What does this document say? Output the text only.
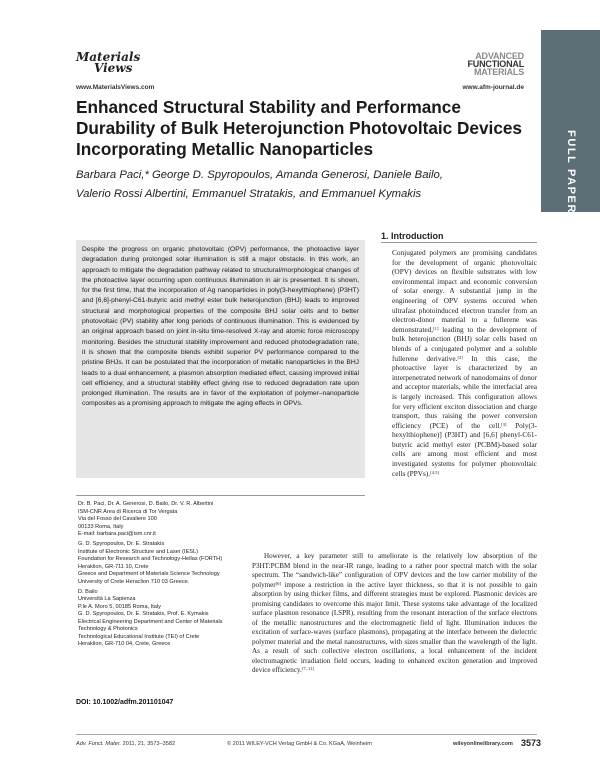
Materials
Views
www.MaterialsViews.com
ADVANCED
FUNCTIONAL
MATERIALS
www.afm-journal.de
FULL PAPER
Enhanced Structural Stability and Performance Durability of Bulk Heterojunction Photovoltaic Devices Incorporating Metallic Nanoparticles
Barbara Paci,* George D. Spyropoulos, Amanda Generosi, Daniele Bailo,
Valerio Rossi Albertini, Emmanuel Stratakis, and Emmanuel Kymakis
Despite the progress on organic photovoltaic (OPV) performance, the photoactive layer degradation during prolonged solar illumination is still a major obstacle. In this work, an approach to mitigate the degradation pathway related to structural/morphological changes of the photoactive layer occurring upon continuous illumination in air is presented. It is shown, for the first time, that the incorporation of Ag nanoparticles in poly(3-hexylthiophene) (P3HT) and [6,6]-phenyl-C61-butyric acid methyl ester bulk heterojunction (BHJ) leads to improved structural and morphological properties of the composite BHJ solar cells and to better photovoltaic (PV) stability after long periods of continuous illumination. This is evidenced by an original approach based on joint in-situ time-resolved X-ray and atomic force microscopy monitoring. Besides the structural stability improvement and reduced photodegradation rate, it is shown that the composite blends exhibit superior PV performance compared to the pristine BHJs. It can be postulated that the incorporation of metallic nanoparticles in the BHJ leads to a dual enhancement, a plasmon absorption mediated effect, causing improved initial cell efficiency, and a structural stability effect giving rise to reduced degradation rate upon prolonged illumination. The results are in favor of the exploitation of polymer–nanoparticle composites as a promising approach to mitigate the aging effects in OPVs.
Dr. B. Paci, Dr. A. Generosi, D. Bailo, Dr. V. R. Albertini
ISM-CNR Area di Ricerca di Tor Vergata
Via del Fosso del Cavaliere 100
00133 Roma, Italy
E-mail: barbara.paci@ism.cnr.it
G. D. Spyropoulos, Dr. E. Stratakis
Institute of Electronic Structure and Laser (IESL)
Foundation for Research and Technology-Hellas (FORTH)
Heraklion, GR-711 10, Crete
Greece and Department of Materials Science Technology
University of Crete Heraclion 710 03 Greece.
D. Bailo
Università La Sapienza
P.le A. Moro 5, 00185 Roma, Italy
G. D. Spyropoulos, Dr. E. Stratakis, Prof. E. Kymakis
Electrical Engineering Department and Center of Materials
Technology & Photonics
Technological Educational Institute (TEI) of Crete
Heraklion, GR-710 04, Crete, Greece
DOI: 10.1002/adfm.201101047
1. Introduction

Conjugated polymers are promising candidates for the development of organic photovoltaic (OPV) devices on flexible substrates with low environmental impact and economic conversion of solar energy. A substantial jump in the engineering of OPV systems occured when ultrafast photoinduced electron transfer from an electron-donor material to a fullerene was demonstrated,[1] leading to the development of bulk heterojunction (BHJ) solar cells based on blends of a conjugated polymer and a soluble fullerene derivative.[2] In this case, the photoactive layer is characterized by an interpenetrated network of nanodomains of donor and acceptor materials, while the interfacial area is largely increased. This configuration allows for very efficient exciton dissociation and charge transport, thus raising the power conversion efficiency (PCE) of the cell.[3] Poly(3-hexylthiophene)] (P3HT) and [6,6] phenyl-C61-butyric acid methyl ester (PCBM)-based solar cells are among most efficient and most investigated systems for polymer photovoltaic cells (PPVs).[4,5]

However, a key parameter still to ameliorate is the relatively low absorption of the P3HT:PCBM blend in the near-IR range, leading to a rather poor spectral match with the solar spectrum. The “sandwich-like” configuration of OPV devices and the low carrier mobility of the polymer[6] impose a restriction in the active layer thickness, so that it is not possible to gain absorption by using thicker films, and different strategies must be explored. Plasmonic devices are promising candidates to overcome this major limit. These systems take advantage of the localized surface plasmon resonance (LSPR), resulting from the resonant interaction of the surface electrons of the metallic nanostructures and the electromagnetic field of light. Illumination induces the excitation of surface-waves (surface plasmons), propagating at the interface between the dielectric polymer material and the metal nanostructures, with sizes smaller than the wavelength of the light. As a result of such collective electron oscillations, a local enhancement of the incident electromagnetic irradiation field occurs, leading to enhanced exciton generation and improved device efficiency.[7–11]

Adv. Funct. Mater. 2011, 21, 3573–3582	© 2011 WILEY-VCH Verlag GmbH & Co. KGaA, Weinheim	wileyonlinelibrary.com 3573
